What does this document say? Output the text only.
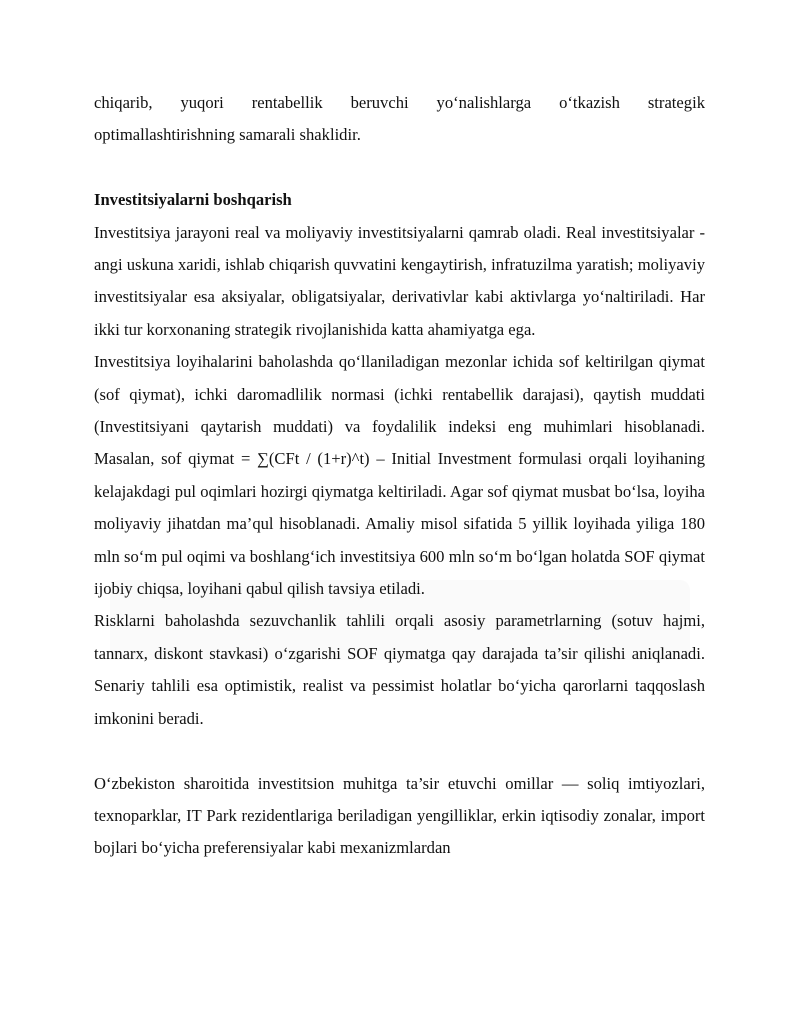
chiqarib, yuqori rentabellik beruvchi yo‘nalishlarga o‘tkazish strategik optimallashtirishning samarali shaklidir.

Investitsiyalarni boshqarish

Investitsiya jarayoni real va moliyaviy investitsiyalarni qamrab oladi. Real investitsiyalar - angi uskuna xaridi, ishlab chiqarish quvvatini kengaytirish, infratuzilma yaratish; moliyaviy investitsiyalar esa aksiyalar, obligatsiyalar, derivativlar kabi aktivlarga yo‘naltiriladi. Har ikki tur korxonaning strategik rivojlanishida katta ahamiyatga ega.

Investitsiya loyihalarini baholashda qo‘llaniladigan mezonlar ichida sof keltirilgan qiymat (sof qiymat), ichki daromadlilik normasi (ichki rentabellik darajasi), qaytish muddati (Investitsiyani qaytarish muddati) va foydalilik indeksi eng muhimlari hisoblanadi. Masalan, sof qiymat = ∑(CFt / (1+r)^t) – Initial Investment formulasi orqali loyihaning kelajakdagi pul oqimlari hozirgi qiymatga keltiriladi. Agar sof qiymat musbat bo‘lsa, loyiha moliyaviy jihatdan ma’qul hisoblanadi. Amaliy misol sifatida 5 yillik loyihada yiliga 180 mln so‘m pul oqimi va boshlang‘ich investitsiya 600 mln so‘m bo‘lgan holatda SOF qiymat ijobiy chiqsa, loyihani qabul qilish tavsiya etiladi.

Risklarni baholashda sezuvchanlik tahlili orqali asosiy parametrlarning (sotuv hajmi, tannarx, diskont stavkasi) o‘zgarishi SOF qiymatga qay darajada ta’sir qilishi aniqlanadi. Senariy tahlili esa optimistik, realist va pessimist holatlar bo‘yicha qarorlarni taqqoslash imkonini beradi.

O‘zbekiston sharoitida investitsion muhitga ta’sir etuvchi omillar — soliq imtiyozlari, texnoparklar, IT Park rezidentlariga beriladigan yengilliklar, erkin iqtisodiy zonalar, import bojlari bo‘yicha preferensiyalar kabi mexanizmlardan
